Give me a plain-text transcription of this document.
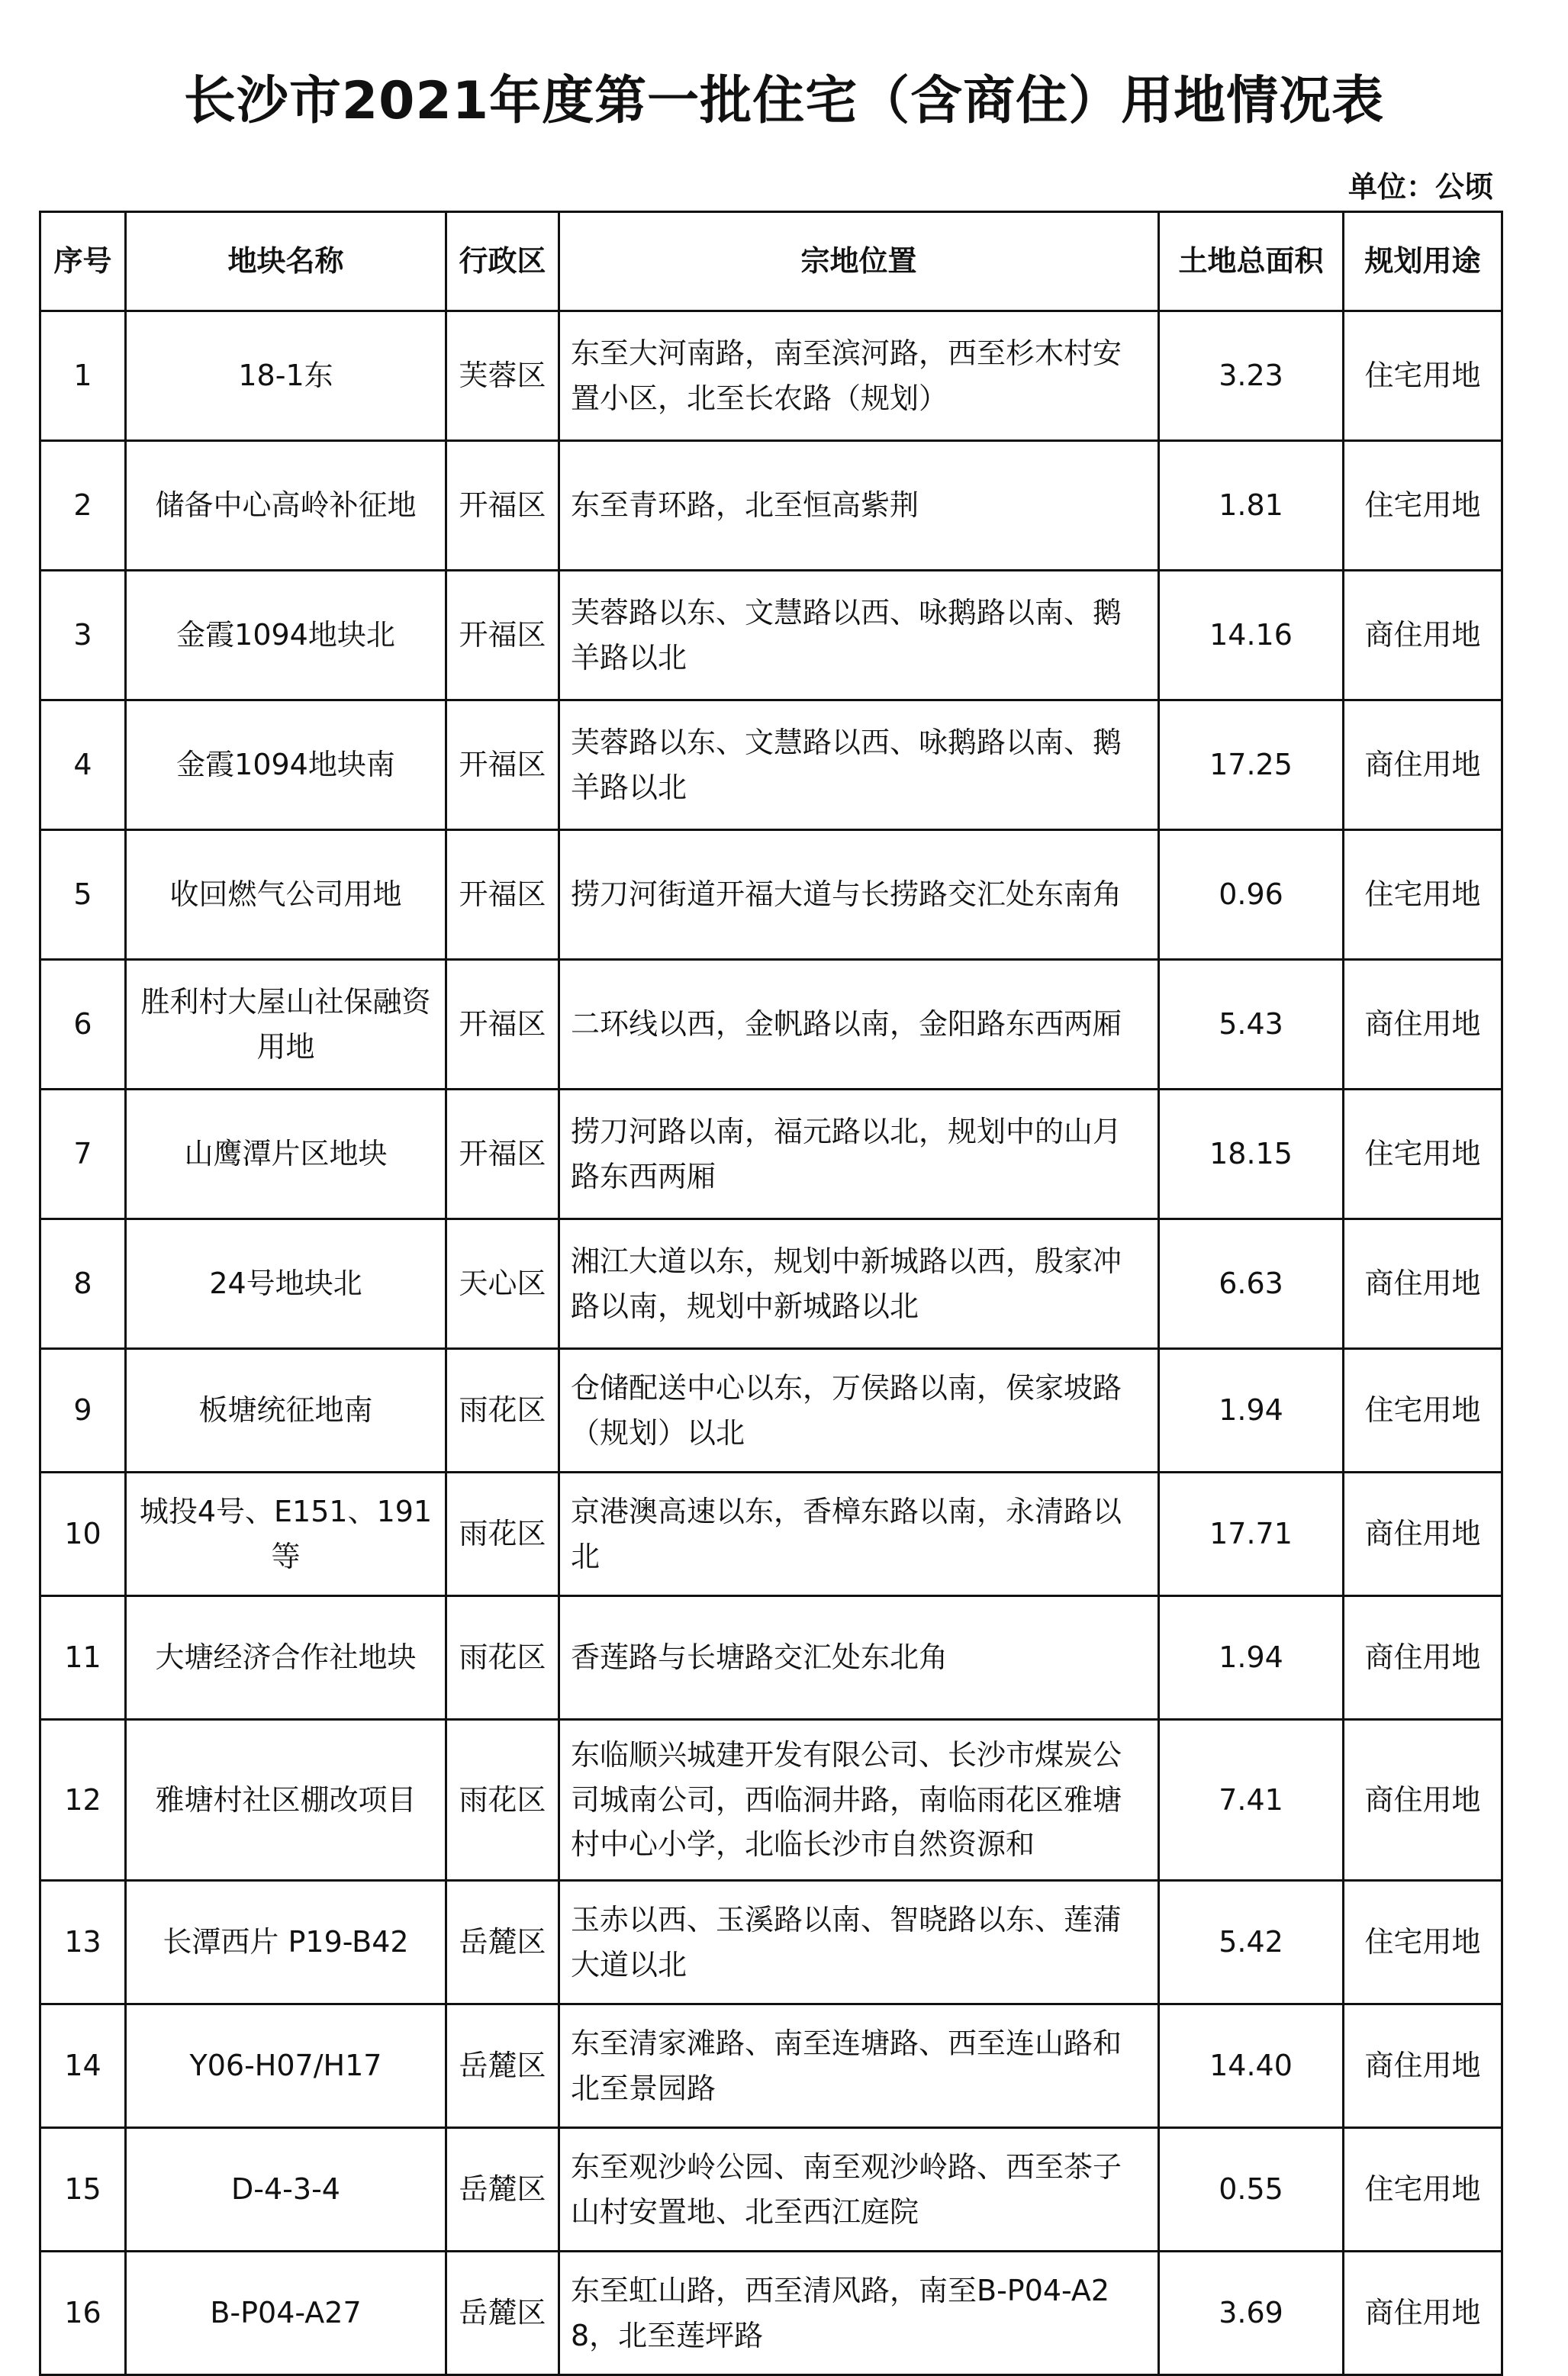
长沙市2021年度第一批住宅（含商住）用地情况表
单位：公顷
序号	地块名称	行政区	宗地位置	土地总面积	规划用途

1	18-1东	芙蓉区	东至大河南路，南至滨河路，西至杉木村安置小区，北至长农路（规划）	3.23	住宅用地

2	储备中心高岭补征地	开福区	东至青环路，北至恒高紫荆	1.81	住宅用地

3	金霞1094地块北	开福区	芙蓉路以东、文慧路以西、咏鹅路以南、鹅羊路以北	14.16	商住用地

4	金霞1094地块南	开福区	芙蓉路以东、文慧路以西、咏鹅路以南、鹅羊路以北	17.25	商住用地

5	收回燃气公司用地	开福区	捞刀河街道开福大道与长捞路交汇处东南角	0.96	住宅用地

6	胜利村大屋山社保融资用地	开福区	二环线以西，金帆路以南，金阳路东西两厢	5.43	商住用地

7	山鹰潭片区地块	开福区	捞刀河路以南，福元路以北，规划中的山月路东西两厢	18.15	住宅用地

8	24号地块北	天心区	湘江大道以东，规划中新城路以西，殷家冲路以南，规划中新城路以北	6.63	商住用地

9	板塘统征地南	雨花区	仓储配送中心以东，万侯路以南，侯家坡路（规划）以北	1.94	住宅用地

10	城投4号、E151、191等	雨花区	京港澳高速以东，香樟东路以南，永清路以北	17.71	商住用地

11	大塘经济合作社地块	雨花区	香莲路与长塘路交汇处东北角	1.94	商住用地

12	雅塘村社区棚改项目	雨花区	东临顺兴城建开发有限公司、长沙市煤炭公司城南公司，西临洞井路，南临雨花区雅塘村中心小学，北临长沙市自然资源和	7.41	商住用地

13	长潭西片 P19-B42	岳麓区	玉赤以西、玉溪路以南、智晓路以东、莲蒲大道以北	5.42	住宅用地

14	Y06-H07/H17	岳麓区	东至清家滩路、南至连塘路、西至连山路和北至景园路	14.40	商住用地

15	D-4-3-4	岳麓区	东至观沙岭公园、南至观沙岭路、西至茶子山村安置地、北至西江庭院	0.55	住宅用地

16	B-P04-A27	岳麓区	东至虹山路，西至清风路，南至B-P04-A28，北至莲坪路	3.69	商住用地
